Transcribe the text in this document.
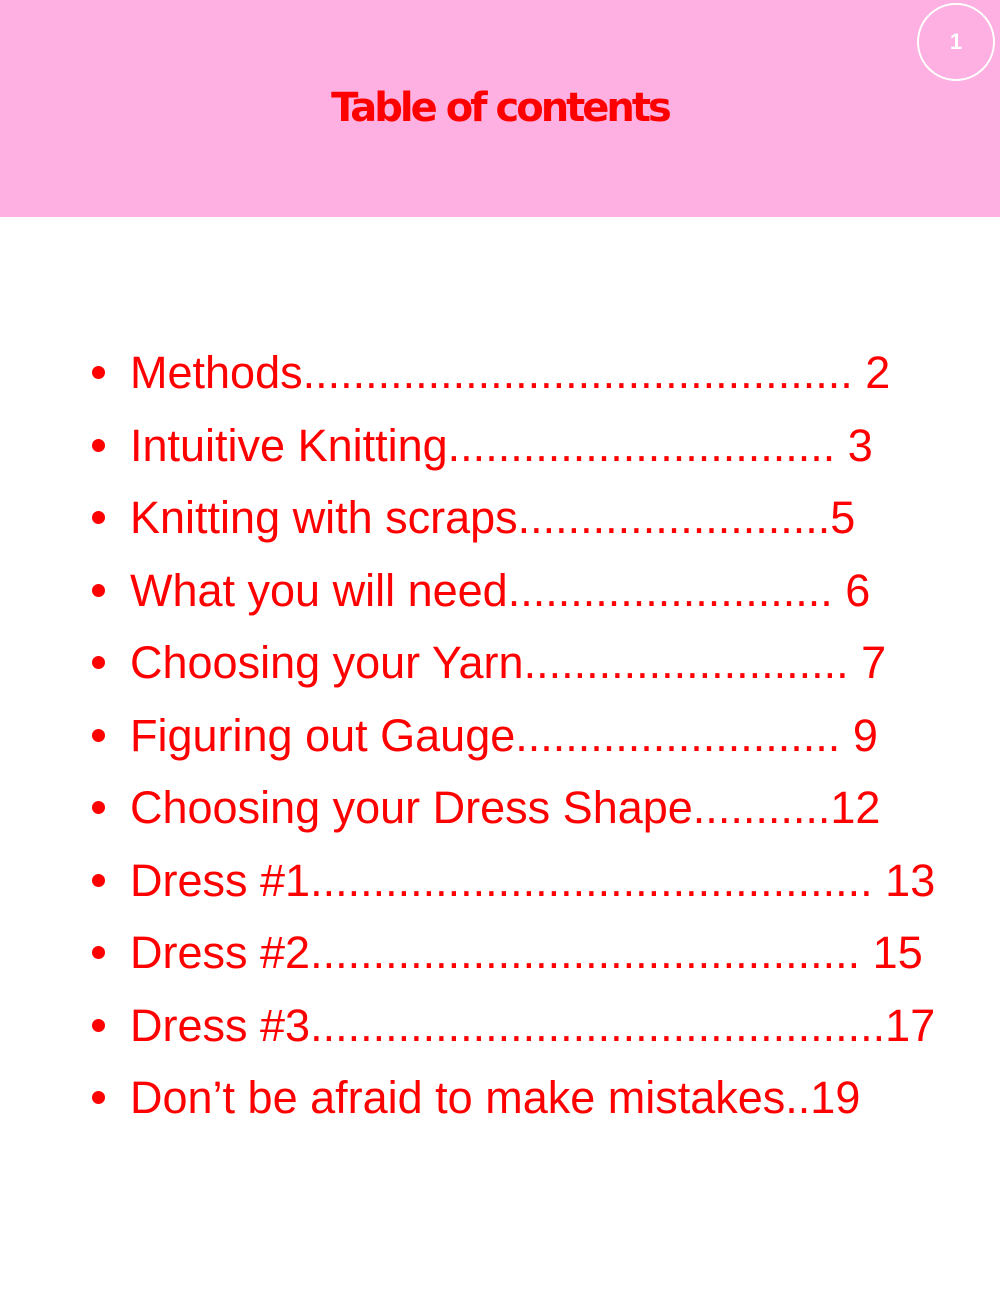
Table of contents
1
Methods............................................ 2
Intuitive Knitting............................... 3
Knitting with scraps.........................5
What you will need.......................... 6
Choosing your Yarn.......................... 7
Figuring out Gauge.......................... 9
Choosing your Dress Shape...........12
Dress #1............................................. 13
Dress #2............................................ 15
Dress #3..............................................17
Don’t be afraid to make mistakes..19
